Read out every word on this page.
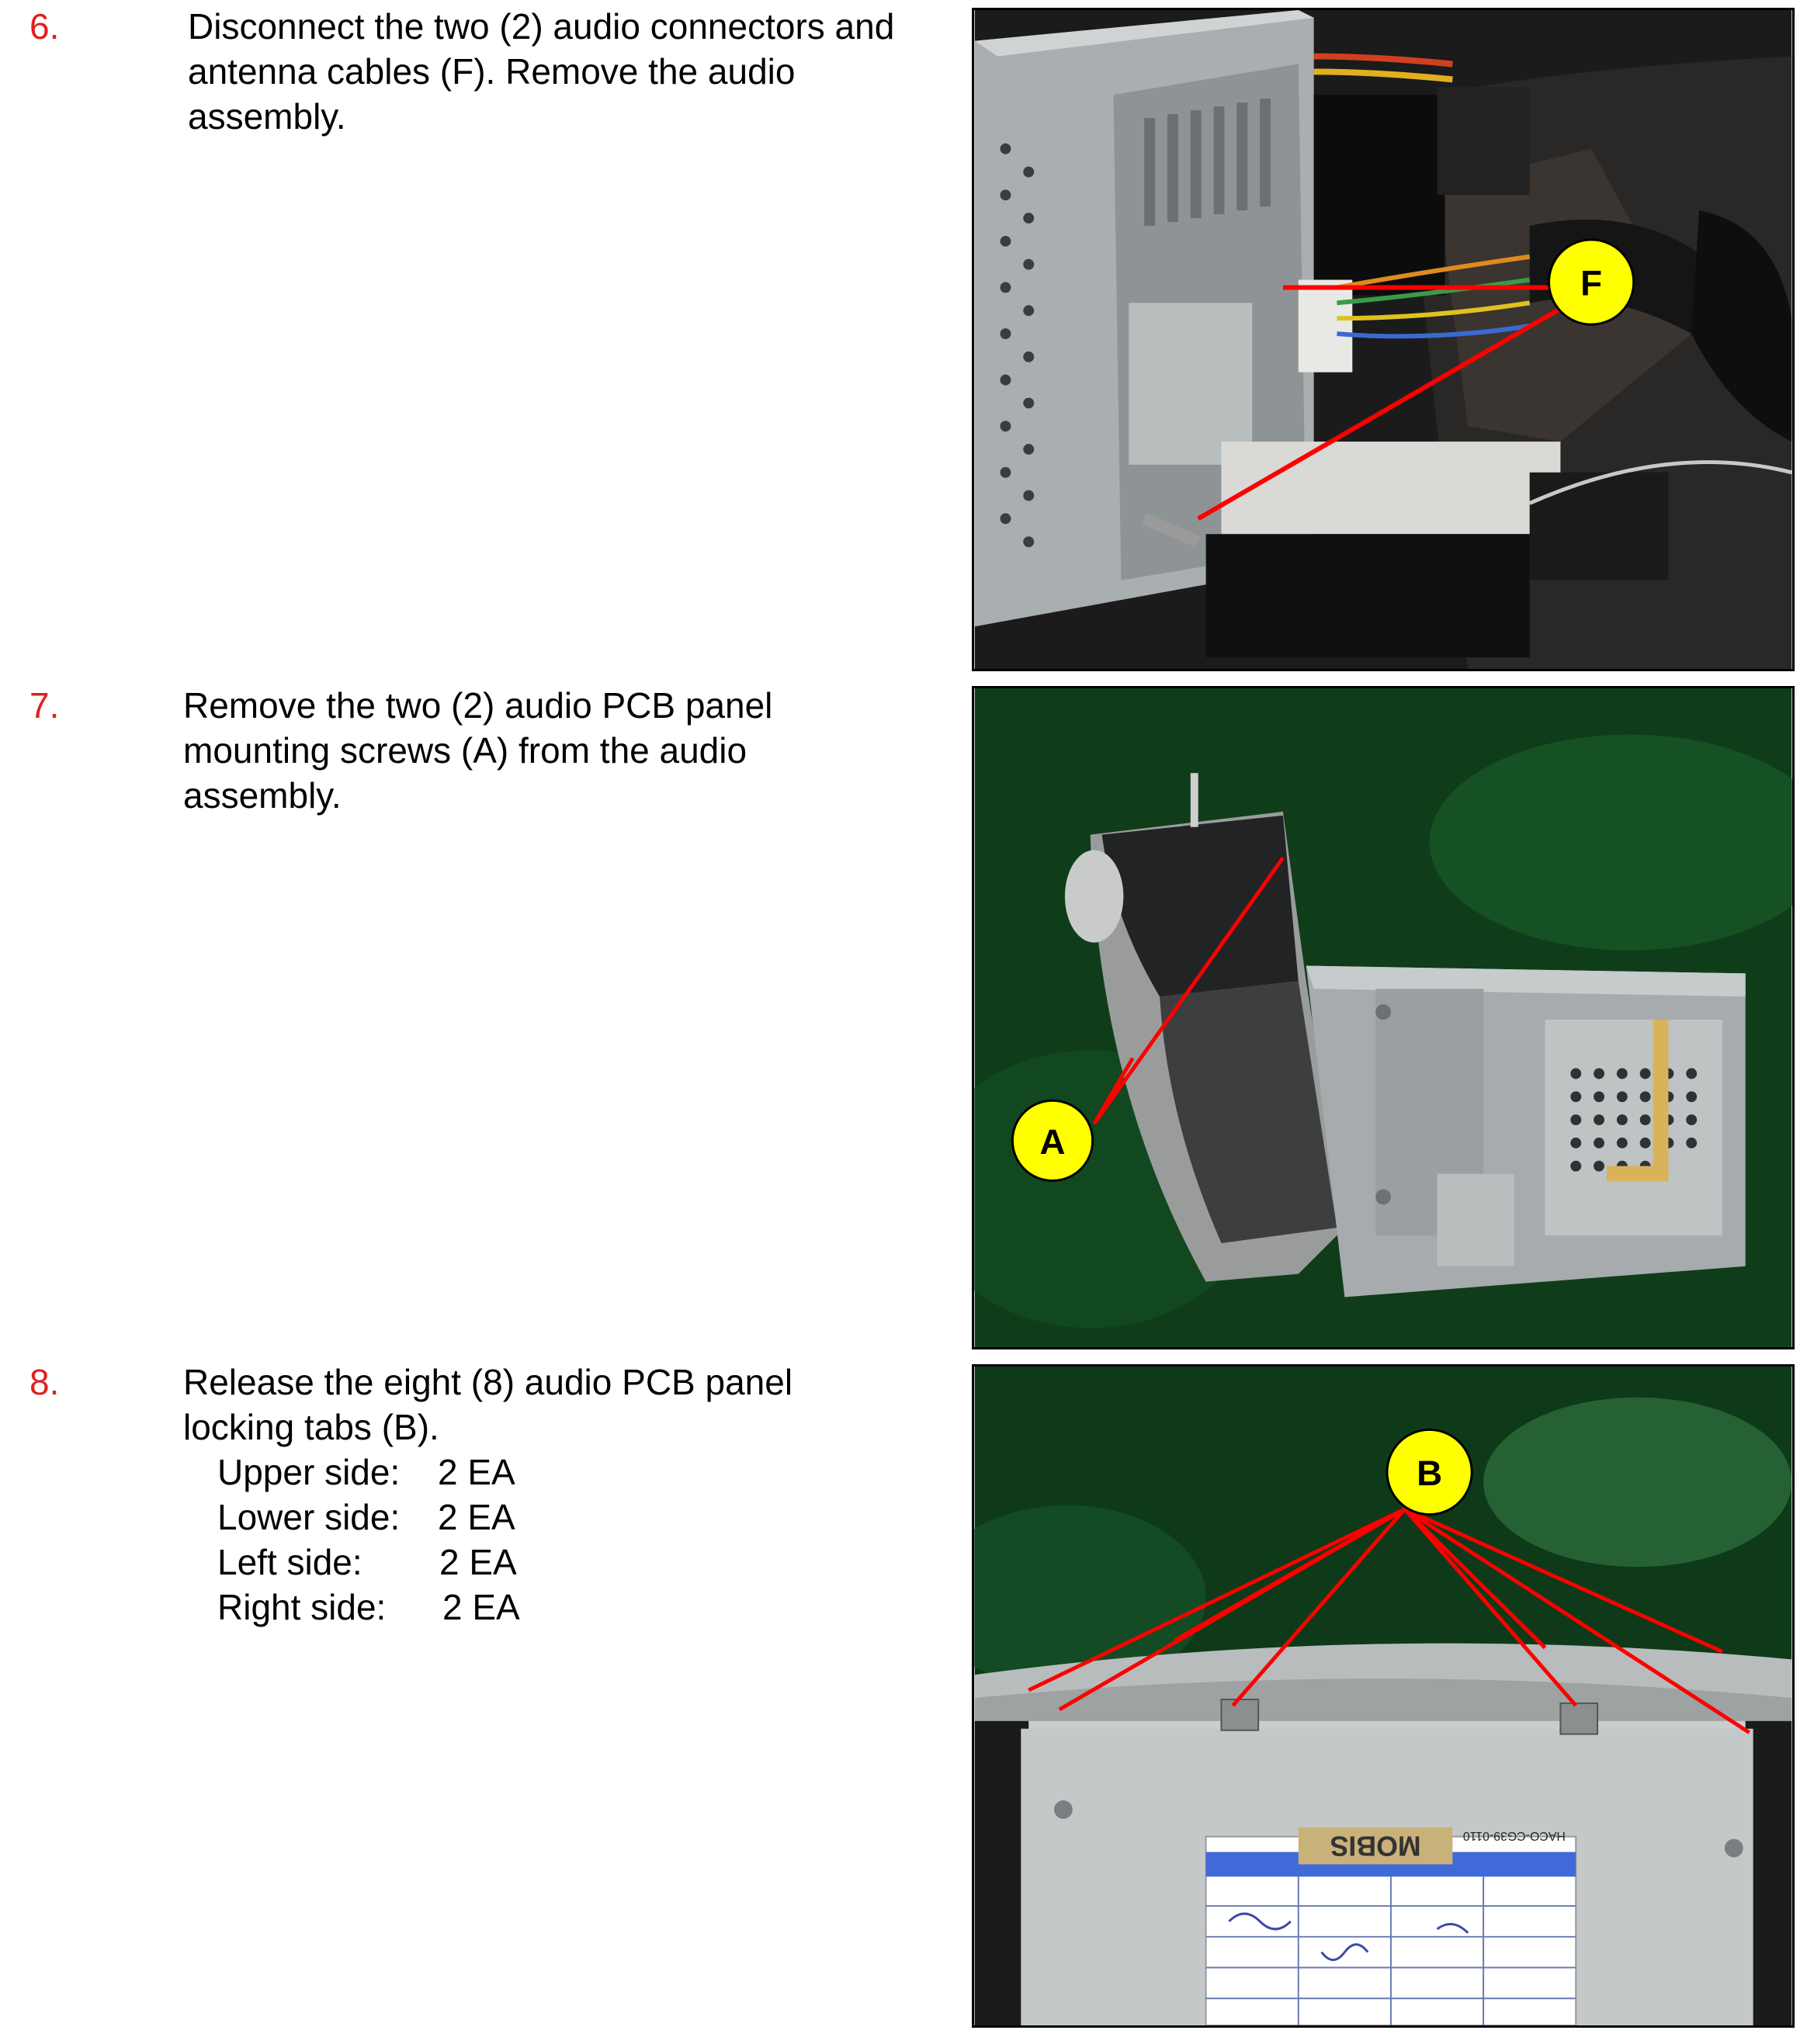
6.	Disconnect the two (2) audio connectors and

antenna cables (F). Remove the audio

assembly.

F
7.	Remove the two (2) audio PCB panel

mounting screws (A) from the audio

assembly.

A
8.	Release the eight (8) audio PCB panel

locking tabs (B).

Upper side: 2 EA

Lower side: 2 EA

Left side: 2 EA

Right side: 2 EA

MOBIS	HACO-CG39-0110
B
